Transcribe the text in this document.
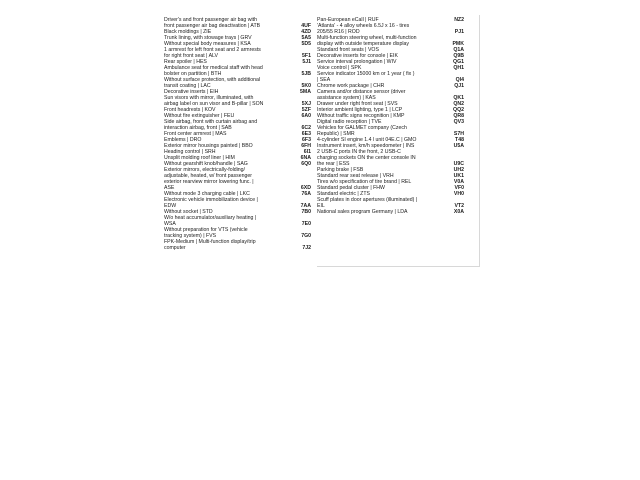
Driver's and front passenger air bag with
front passenger air bag deactivation | ATB	4UF
Black moldings | ZIE	4ZD
Trunk lining, with stowage trays | GRV	5A5
Without special body measures | KSA	5D5
1 armrest for left front seat and 2 armrests
for right front seat | ALV	5F1
Rear spoiler | HES	5J1
Ambulance seat for medical staff with head
bolster on partition | BTH	5JB
Without surface protection, with additional
transit coating | LAC	5K0
Decorative inserts | EIH	5MA
Sun visors with mirror, illuminated, with
airbag label on sun visor and B-pillar | SON	5XJ
Front headrests | KOV	5ZF
Without fire extinguisher | FEU	6A0
Side airbag, front with curtain airbag and
interaction airbag, front | SAB	6C2
Front center armrest | MAS	6E3
Emblems | DRO	6F3
Exterior mirror housings painted | BBO	6FH
Heading control | SRH	6I1
Unsplit molding roof liner | HIM	6NA
Without gearshift knob/handle | SAG	6Q0
Exterior mirrors, electrically-folding/
adjustable, heated, w/ front passenger
exterior rearview mirror lowering func. |
ASE	6XD
Without mode 3 charging cable | LKC	76A
Electronic vehicle immobilization device |
EDW	7AA
Without socket | STD	7B0
W/o heat accumulator/auxiliary heating |
WSA	7E0
Without preparation for VTS (vehicle
tracking system) | FVS	7G0
FPK-Medium | Multi-function display/trip
computer	7J2
Pan-European eCall | RUF	NZ2
'Atlanta' - 4 alloy wheels 6.5J x 16 - tires
205/55 R16 | ROD	PJ1
Multi-function steering wheel, multi-function
display with outside temperature display	PMK
Standard front seats | VOS	Q1A
Decorative inserts for console | EIK	Q9B
Service interval prolongation | WIV	QG1
Voice control | SPK	QH1
Service indicator 15000 km or 1 year ( fix )
| SEA	QI4
Chrome work package | CHR	QJ1
Camera and/or distance sensor (driver
assistance system) | KAS	QK1
Drawer under right front seat | SVS	QN2
Interior ambient lighting, type 1 | LCP	QQ2
Without traffic signs recognition | KMP	QR8
Digital radio reception | TVE	QV3
Vehicles for GALMET company (Czech
Republic) | SMR	S7H
4-cylinder SI engine 1.4 l unit 04E.C | GMO	T48
Instrument insert, km/h speedometer | INS	U5A
2 USB-C ports IN the front, 2 USB-C
charging sockets ON the center console IN
the rear | ESS	U9C
Parking brake | FSB	UH2
Standard rear seat release | VRH	UK1
Tires w/o specification of tire brand | REL	V0A
Standard pedal cluster | FHW	VF0
Standard electric | ZTS	VH0
Scuff plates in door apertures (illuminated) |
EIL	VT2
National sales program Germany | LDA	X0A
